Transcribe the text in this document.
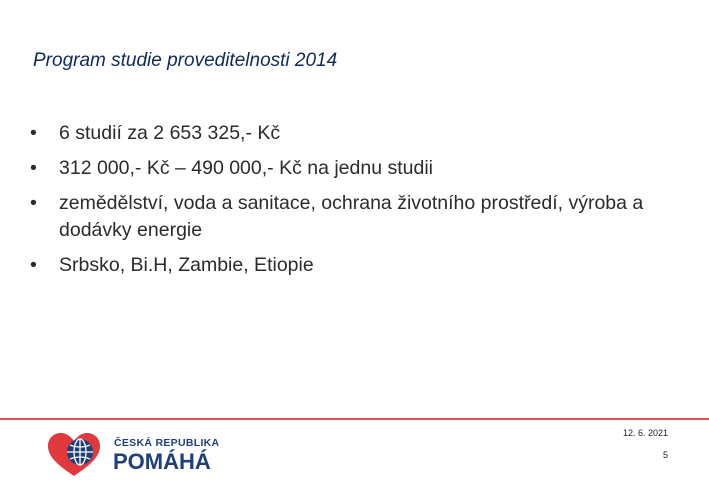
Program studie proveditelnosti 2014
•	6 studií za 2 653 325,- Kč
•	312 000,- Kč – 490 000,- Kč na jednu studii
•	zemědělství, voda a sanitace, ochrana životního prostředí, výroba a dodávky energie
•	Srbsko, Bi.H, Zambie, Etiopie
ČESKÁ REPUBLIKA
POMÁHÁ
12. 6. 2021
5
